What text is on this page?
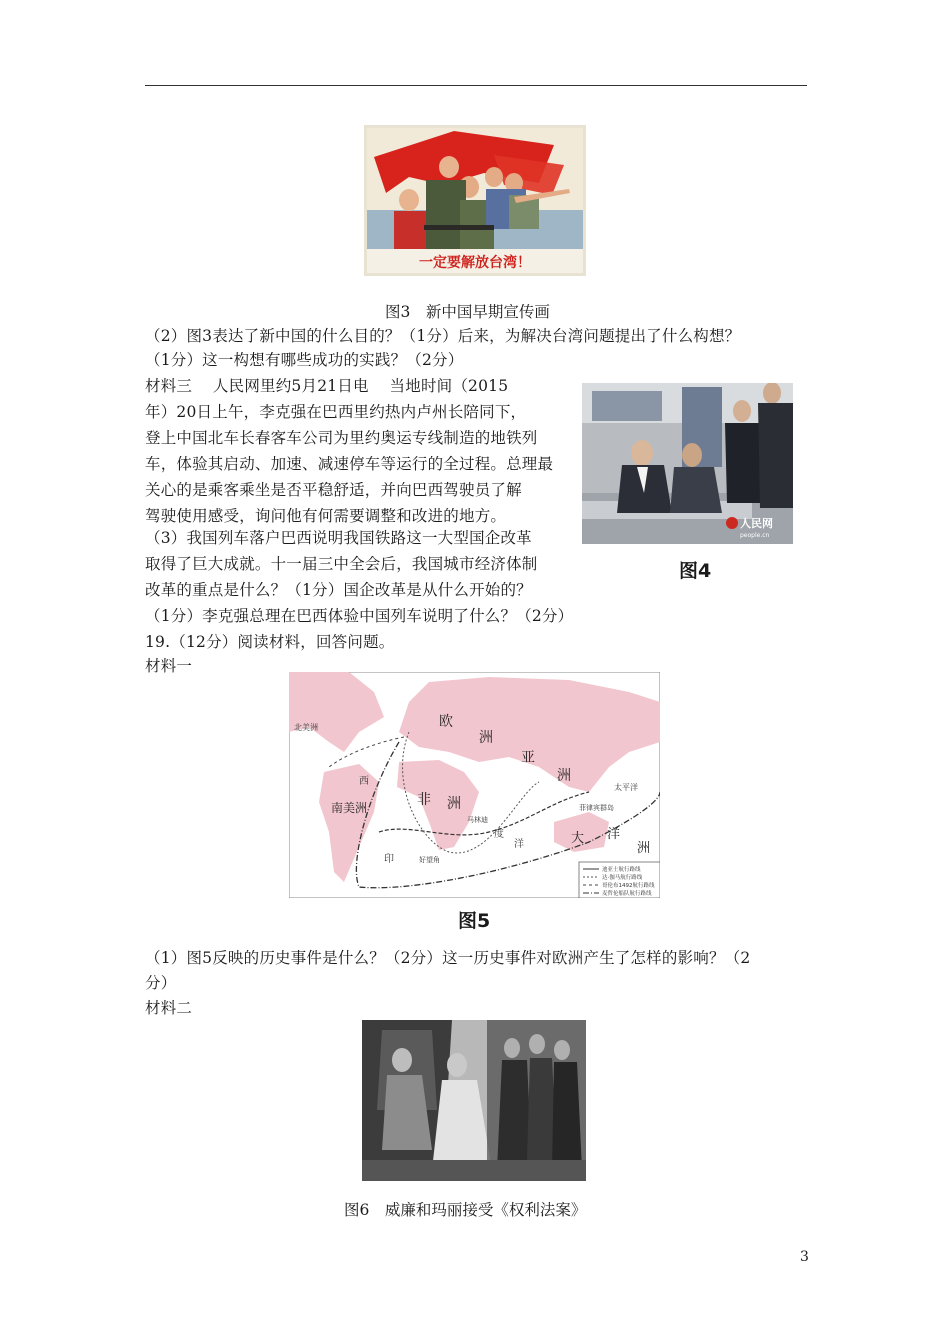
一定要解放台湾！
图3　新中国早期宣传画
（2）图3表达了新中国的什么目的？（1分）后来，为解决台湾问题提出了什么构想？
（1分）这一构想有哪些成功的实践？（2分）
材料三　 人民网里约5月21日电　 当地时间（2015
年）20日上午，李克强在巴西里约热内卢州长陪同下，
登上中国北车长春客车公司为里约奥运专线制造的地铁列
车，体验其启动、加速、减速停车等运行的全过程。总理最
关心的是乘客乘坐是否平稳舒适，并向巴西驾驶员了解
驾驶使用感受，询问他有何需要调整和改进的地方。	人民网
people.cn
图4
（3）我国列车落户巴西说明我国铁路这一大型国企改革
取得了巨大成就。十一届三中全会后，我国城市经济体制
改革的重点是什么？（1分）国企改革是从什么开始的？
（1分）李克强总理在巴西体验中国列车说明了什么？（2分）
19.（12分）阅读材料，回答问题。
材料一
北美洲	欧
洲
亚
洲
非 洲
南美洲
大 洋
洲
太平洋
菲律宾群岛
马林迪
好望角
西
印
度
洋
迪亚士航行路线
达·伽马航行路线
哥伦布1492航行路线
麦哲伦船队航行路线
图5
（1）图5反映的历史事件是什么？（2分）这一历史事件对欧洲产生了怎样的影响？（2
分）
材料二
图6　威廉和玛丽接受《权利法案》
3
